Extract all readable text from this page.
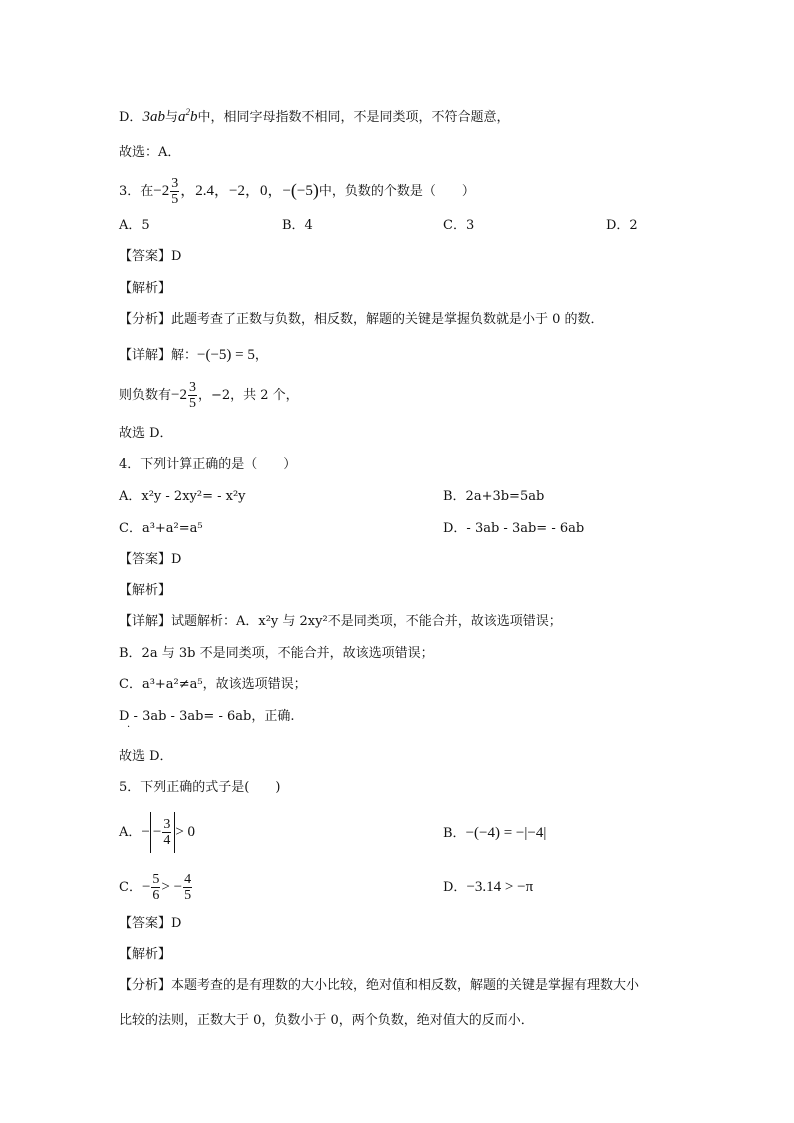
D．3ab与$a^2b$中，相同字母指数不相同，不是同类项，不符合题意，
故选：A．
3．在$-2 \frac{3}{5}$ ，2.4，−2，0，−(−5)中，负数的个数是（　　）
A．5	B．4	C．3	D．2
【答案】D
【解析】
【分析】此题考查了正数与负数，相反数，解题的关键是掌握负数就是小于 0 的数．
【详解】解：−(−5) = 5，
则负数有$-2 \frac{3}{5}$ ，−2，共 2 个，
故选 D．
4．下列计算正确的是（　　）
A．x²y - 2xy²= - x²y	B．2a+3b=5ab
C．a³+a²=a⁵	D．- 3ab - 3ab= - 6ab
【答案】D
【解析】
【详解】试题解析：A．x²y 与 2xy²不是同类项，不能合并，故该选项错误；
B．2a 与 3b 不是同类项，不能合并，故该选项错误；
C．a³+a²≠a⁵，故该选项错误；
D - 3ab - 3ab= - 6ab，正确.
·
故选 D．
5．下列正确的式子是(　　)
A．− − $\frac{3}{4} > 0$	B．−(−4) = −|−4|
C．− $\frac{5}{6}$ > − $\frac{4}{5}$	D．−3.14 > −π
【答案】D
【解析】
【分析】本题考查的是有理数的大小比较，绝对值和相反数，解题的关键是掌握有理数大小
比较的法则，正数大于 0，负数小于 0，两个负数，绝对值大的反而小．
